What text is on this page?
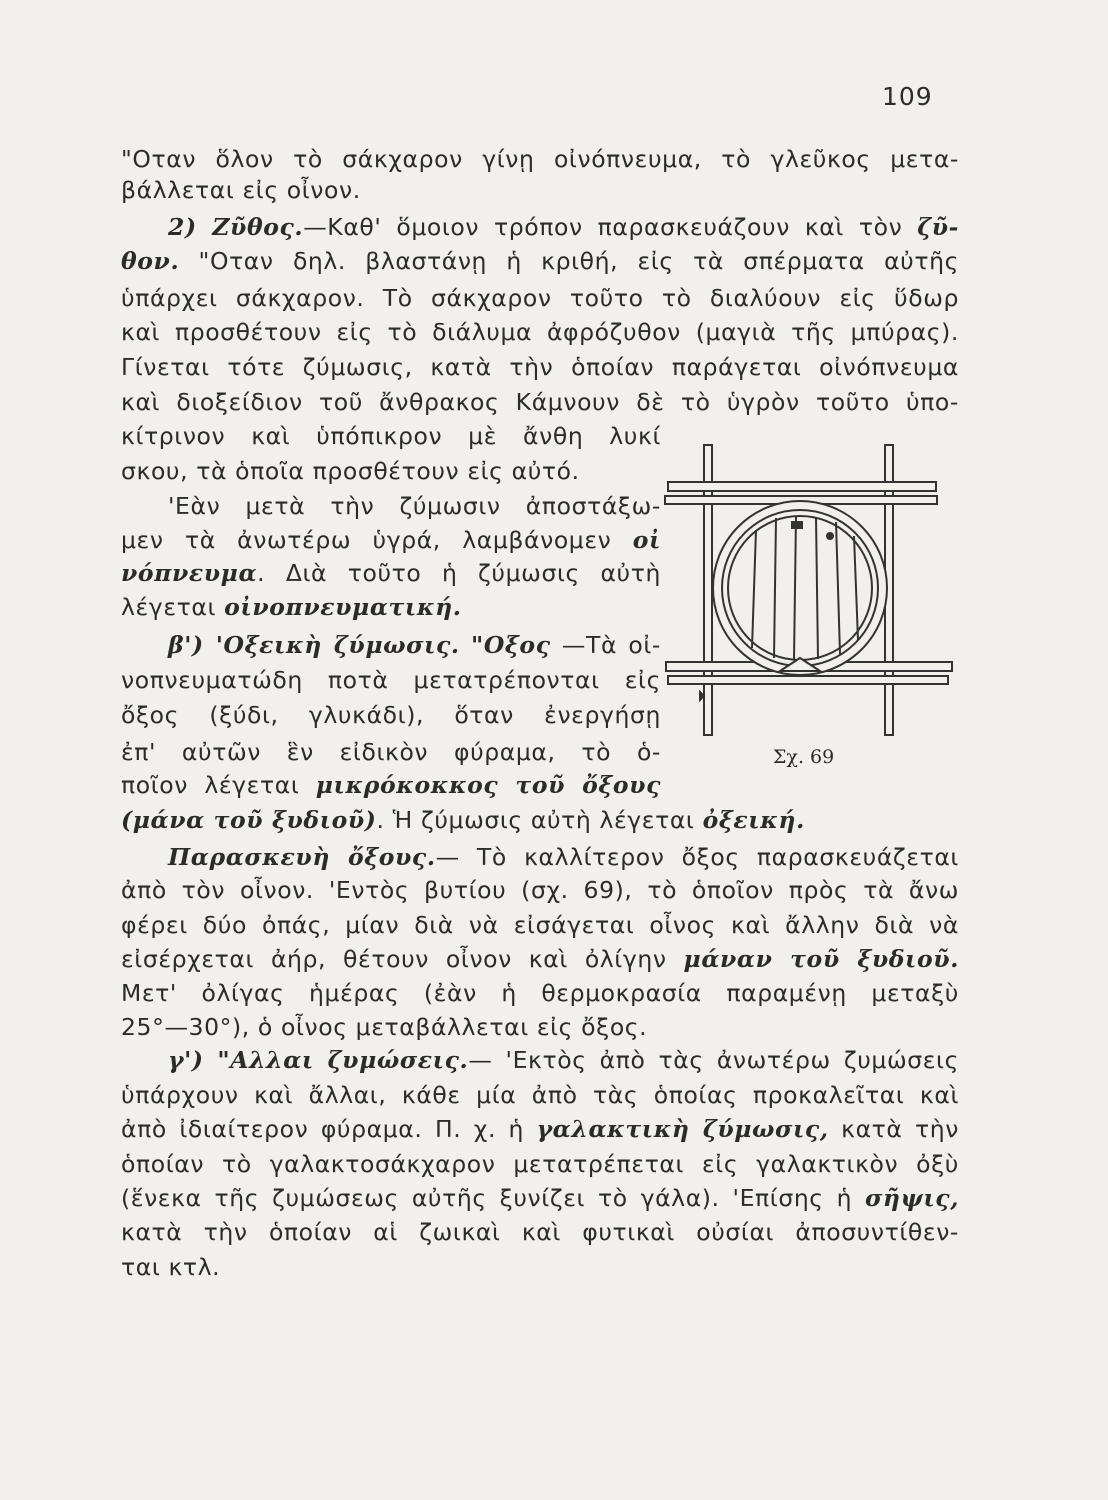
109
"Οταν ὅλον τὸ σάκχαρον γίνῃ οἰνόπνευμα, τὸ γλεῦκος μετα-
βάλλεται εἰς οἶνον.
2) Ζῦθος.—Καθ' ὅμοιον τρόπον παρασκευάζουν καὶ τὸν ζῦ-
θον. "Οταν δηλ. βλαστάνῃ ἡ κριθή, εἰς τὰ σπέρματα αὐτῆς
ὑπάρχει σάκχαρον. Τὸ σάκχαρον τοῦτο τὸ διαλύουν εἰς ὕδωρ
καὶ προσθέτουν εἰς τὸ διάλυμα ἀφρόζυθον (μαγιὰ τῆς μπύρας).
Γίνεται τότε ζύμωσις, κατὰ τὴν ὁποίαν παράγεται οἰνόπνευμα
καὶ διοξείδιον τοῦ ἄνθρακος Κάμνουν δὲ τὸ ὑγρὸν τοῦτο ὑπο-
κίτρινον καὶ ὑπόπικρον μὲ ἄνθη λυκί
σκου, τὰ ὁποῖα προσθέτουν εἰς αὐτό.
'Εὰν μετὰ τὴν ζύμωσιν ἀποστάξω-
μεν τὰ ἀνωτέρω ὑγρά, λαμβάνομεν οἰ
νόπνευμα. Διὰ τοῦτο ἡ ζύμωσις αὐτὴ
λέγεται οἰνοπνευματική.
β') 'Οξεικὴ ζύμωσις. "Οξος —Τὰ οἰ-
νοπνευματώδη ποτὰ μετατρέπονται εἰς
ὄξος (ξύδι, γλυκάδι), ὅταν ἐνεργήσῃ
ἐπ' αὐτῶν ἓν εἰδικὸν φύραμα, τὸ ὁ-
ποῖον λέγεται μικρόκοκκος τοῦ ὄξους
(μάνα τοῦ ξυδιοῦ). Ἡ ζύμωσις αὐτὴ λέγεται ὀξεική.
Παρασκευὴ ὄξους.— Τὸ καλλίτερον ὄξος παρασκευάζεται
ἀπὸ τὸν οἶνον. 'Εντὸς βυτίου (σχ. 69), τὸ ὁποῖον πρὸς τὰ ἄνω
φέρει δύο ὀπάς, μίαν διὰ νὰ εἰσάγεται οἶνος καὶ ἄλλην διὰ νὰ
εἰσέρχεται ἀήρ, θέτουν οἶνον καὶ ὀλίγην μάναν τοῦ ξυδιοῦ.
Μετ' ὀλίγας ἡμέρας (ἐὰν ἡ θερμοκρασία παραμένῃ μεταξὺ
25°—30°), ὁ οἶνος μεταβάλλεται εἰς ὄξος.
γ') "Αλλαι ζυμώσεις.— 'Εκτὸς ἀπὸ τὰς ἀνωτέρω ζυμώσεις
ὑπάρχουν καὶ ἄλλαι, κάθε μία ἀπὸ τὰς ὁποίας προκαλεῖται καὶ
ἀπὸ ἰδιαίτερον φύραμα. Π. χ. ἡ γαλακτικὴ ζύμωσις, κατὰ τὴν
ὁποίαν τὸ γαλακτοσάκχαρον μετατρέπεται εἰς γαλακτικὸν ὀξὺ
(ἕνεκα τῆς ζυμώσεως αὐτῆς ξυνίζει τὸ γάλα). 'Επίσης ἡ σῆψις,
κατὰ τὴν ὁποίαν αἱ ζωικαὶ καὶ φυτικαὶ οὐσίαι ἀποσυντίθεν-
ται κτλ.
Σχ. 69
